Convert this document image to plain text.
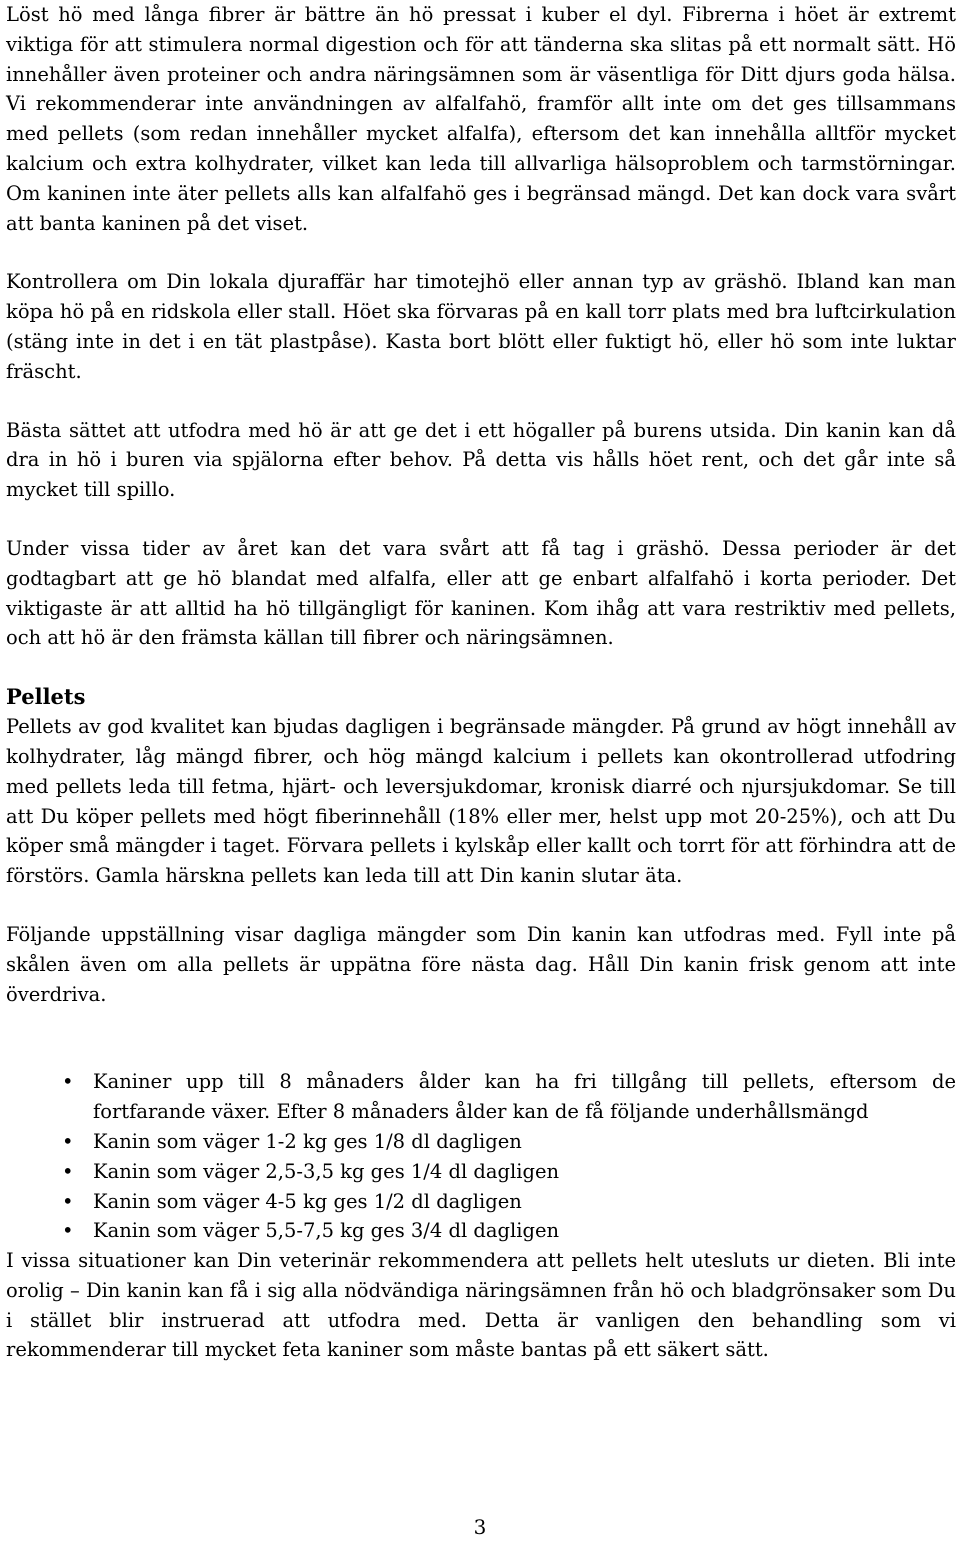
Löst hö med långa fibrer är bättre än hö pressat i kuber el dyl. Fibrerna i höet är extremt viktiga för att stimulera normal digestion och för att tänderna ska slitas på ett normalt sätt. Hö innehåller även proteiner och andra näringsämnen som är väsentliga för Ditt djurs goda hälsa. Vi rekommenderar inte användningen av alfalfahö, framför allt inte om det ges tillsammans med pellets (som redan innehåller mycket alfalfa), eftersom det kan innehålla alltför mycket kalcium och extra kolhydrater, vilket kan leda till allvarliga hälsoproblem och tarmstörningar. Om kaninen inte äter pellets alls kan alfalfahö ges i begränsad mängd. Det kan dock vara svårt att banta kaninen på det viset.

Kontrollera om Din lokala djuraffär har timotejhö eller annan typ av gräshö. Ibland kan man köpa hö på en ridskola eller stall. Höet ska förvaras på en kall torr plats med bra luftcirkulation (stäng inte in det i en tät plastpåse). Kasta bort blött eller fuktigt hö, eller hö som inte luktar fräscht.

Bästa sättet att utfodra med hö är att ge det i ett högaller på burens utsida. Din kanin kan då dra in hö i buren via spjälorna efter behov. På detta vis hålls höet rent, och det går inte så mycket till spillo.

Under vissa tider av året kan det vara svårt att få tag i gräshö. Dessa perioder är det godtagbart att ge hö blandat med alfalfa, eller att ge enbart alfalfahö i korta perioder. Det viktigaste är att alltid ha hö tillgängligt för kaninen. Kom ihåg att vara restriktiv med pellets, och att hö är den främsta källan till fibrer och näringsämnen.

Pellets

Pellets av god kvalitet kan bjudas dagligen i begränsade mängder. På grund av högt innehåll av kolhydrater, låg mängd fibrer, och hög mängd kalcium i pellets kan okontrollerad utfodring med pellets leda till fetma, hjärt- och leversjukdomar, kronisk diarré och njursjukdomar. Se till att Du köper pellets med högt fiberinnehåll (18% eller mer, helst upp mot 20-25%), och att Du köper små mängder i taget. Förvara pellets i kylskåp eller kallt och torrt för att förhindra att de förstörs. Gamla härskna pellets kan leda till att Din kanin slutar äta.

Följande uppställning visar dagliga mängder som Din kanin kan utfodras med. Fyll inte på skålen även om alla pellets är uppätna före nästa dag. Håll Din kanin frisk genom att inte överdriva.

• Kaniner upp till 8 månaders ålder kan ha fri tillgång till pellets, eftersom de fortfarande växer. Efter 8 månaders ålder kan de få följande underhållsmängd
• Kanin som väger 1-2 kg ges 1/8 dl dagligen
• Kanin som väger 2,5-3,5 kg ges 1/4 dl dagligen
• Kanin som väger 4-5 kg ges 1/2 dl dagligen
• Kanin som väger 5,5-7,5 kg ges 3/4 dl dagligen

I vissa situationer kan Din veterinär rekommendera att pellets helt utesluts ur dieten. Bli inte orolig – Din kanin kan få i sig alla nödvändiga näringsämnen från hö och bladgrönsaker som Du i stället blir instruerad att utfodra med. Detta är vanligen den behandling som vi rekommenderar till mycket feta kaniner som måste bantas på ett säkert sätt.

3
